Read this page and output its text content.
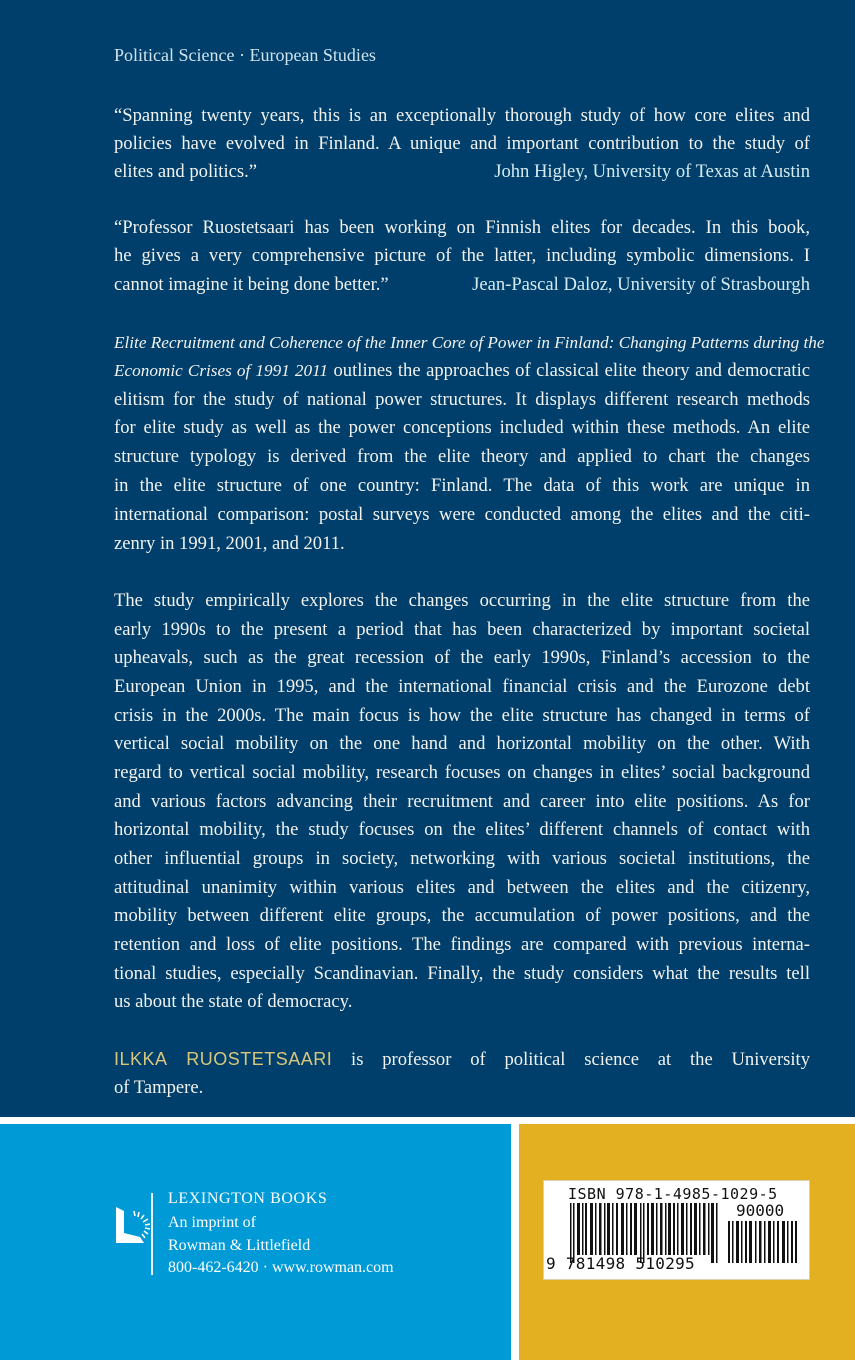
Political Science · European Studies
“Spanning twenty years, this is an exceptionally thorough study of how core elites and
policies have evolved in Finland. A unique and important contribution to the study of
elites and politics.”	John Higley, University of Texas at Austin
“Professor Ruostetsaari has been working on Finnish elites for decades. In this book,
he gives a very comprehensive picture of the latter, including symbolic dimensions. I
cannot imagine it being done better.”	Jean-Pascal Daloz, University of Strasbourgh
Elite Recruitment and Coherence of the Inner Core of Power in Finland: Changing Patterns during the
Economic Crises of 1991 2011 outlines the approaches of classical elite theory and democratic
elitism for the study of national power structures. It displays different research methods
for elite study as well as the power conceptions included within these methods. An elite
structure typology is derived from the elite theory and applied to chart the changes
in the elite structure of one country: Finland. The data of this work are unique in
international comparison: postal surveys were conducted among the elites and the citi-
zenry in 1991, 2001, and 2011.
The study empirically explores the changes occurring in the elite structure from the
early 1990s to the present a period that has been characterized by important societal
upheavals, such as the great recession of the early 1990s, Finland’s accession to the
European Union in 1995, and the international financial crisis and the Eurozone debt
crisis in the 2000s. The main focus is how the elite structure has changed in terms of
vertical social mobility on the one hand and horizontal mobility on the other. With
regard to vertical social mobility, research focuses on changes in elites’ social background
and various factors advancing their recruitment and career into elite positions. As for
horizontal mobility, the study focuses on the elites’ different channels of contact with
other influential groups in society, networking with various societal institutions, the
attitudinal unanimity within various elites and between the elites and the citizenry,
mobility between different elite groups, the accumulation of power positions, and the
retention and loss of elite positions. The findings are compared with previous interna-
tional studies, especially Scandinavian. Finally, the study considers what the results tell
us about the state of democracy.
ILKKA RUOSTETSAARI is professor of political science at the University
of Tampere.
LEXINGTON BOOKS
An imprint of
Rowman & Littlefield
800-462-6420 · www.rowman.com
ISBN 978-1-4985-1029-5
90000
9 781498 510295
